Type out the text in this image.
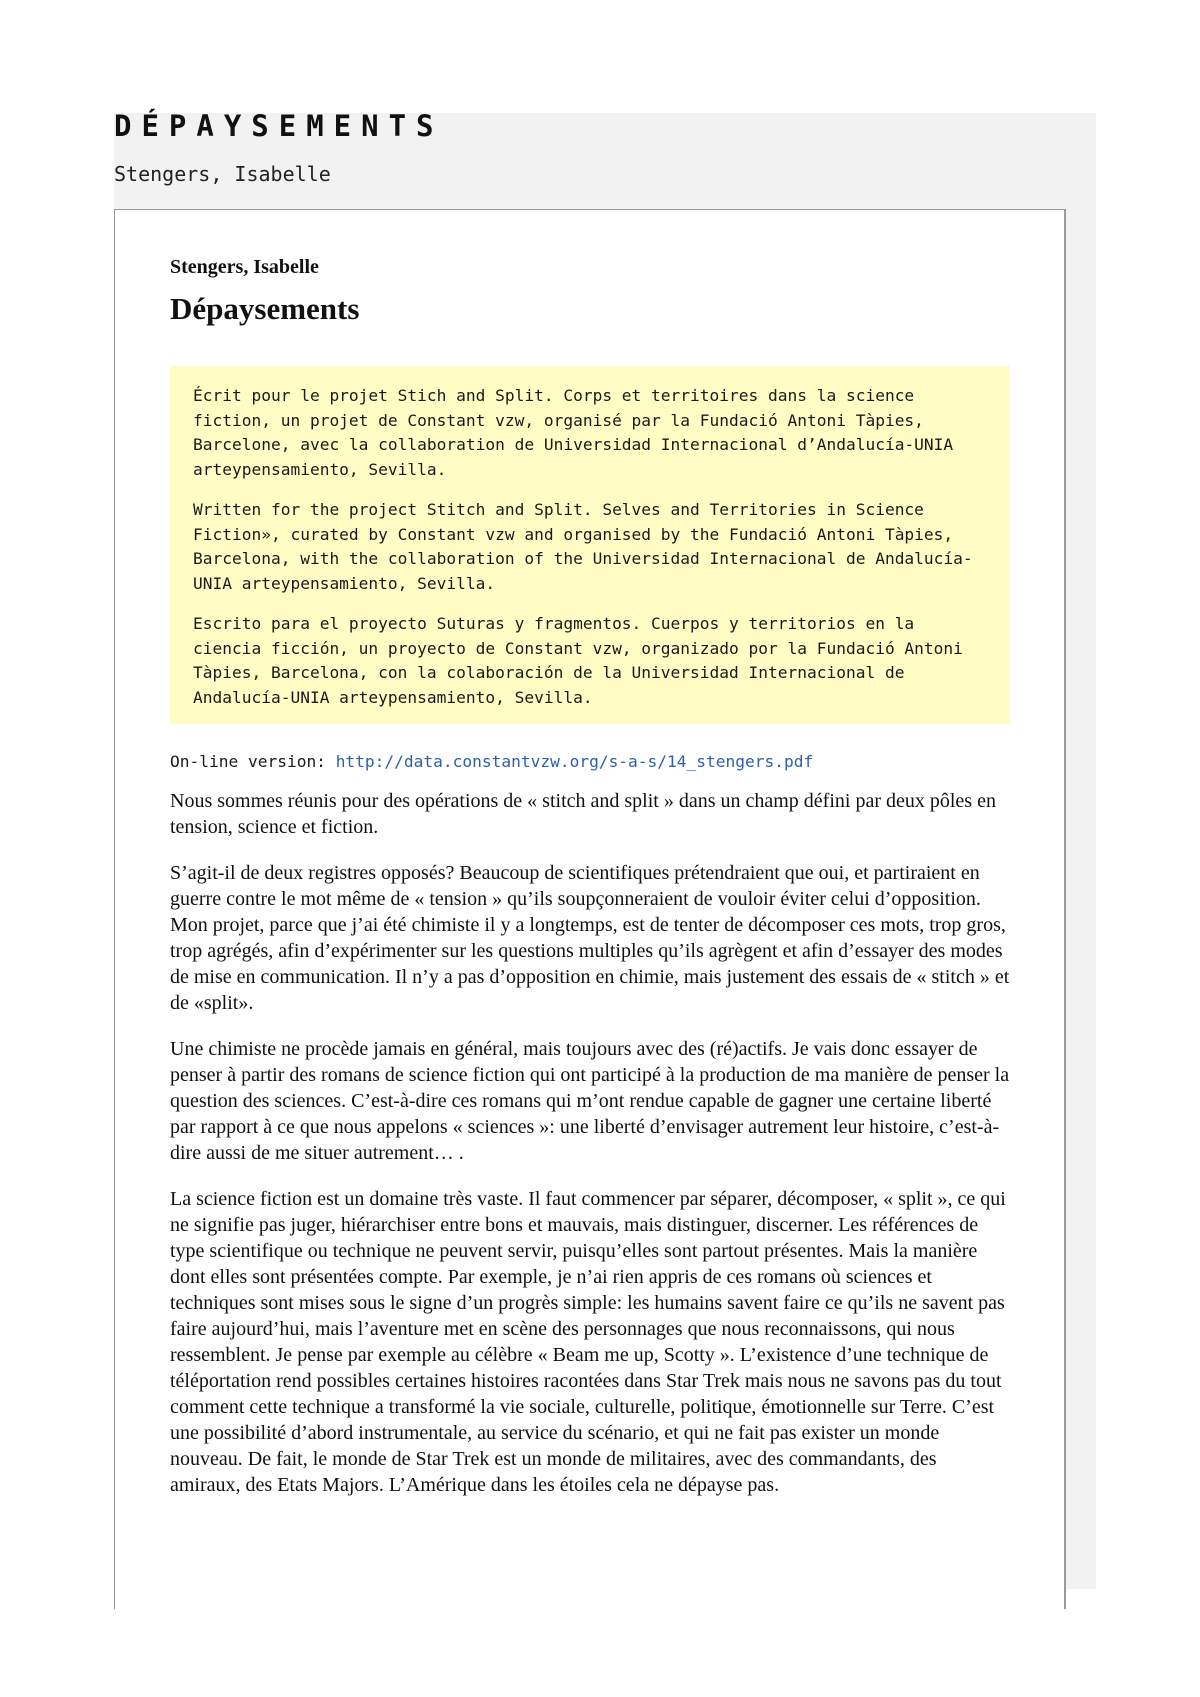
DÉPAYSEMENTS
Stengers, Isabelle
Stengers, Isabelle
Dépaysements

Écrit pour le projet Stich and Split. Corps et territoires dans la science fiction, un projet de Constant vzw, organisé par la Fundació Antoni Tàpies, Barcelone, avec la collaboration de Universidad Internacional d’Andalucía-UNIA arteypensamiento, Sevilla.

Written for the project Stitch and Split. Selves and Territories in Science Fiction», curated by Constant vzw and organised by the Fundació Antoni Tàpies, Barcelona, with the collaboration of the Universidad Internacional de Andalucía-UNIA arteypensamiento, Sevilla.

Escrito para el proyecto Suturas y fragmentos. Cuerpos y territorios en la ciencia ficción, un proyecto de Constant vzw, organizado por la Fundació Antoni Tàpies, Barcelona, con la colaboración de la Universidad Internacional de Andalucía-UNIA arteypensamiento, Sevilla.

On-line version: http://data.constantvzw.org/s-a-s/14_stengers.pdf

Nous sommes réunis pour des opérations de « stitch and split » dans un champ défini par deux pôles en tension, science et fiction.

S’agit-il de deux registres opposés? Beaucoup de scientifiques prétendraient que oui, et partiraient en guerre contre le mot même de « tension » qu’ils soupçonneraient de vouloir éviter celui d’opposition. Mon projet, parce que j’ai été chimiste il y a longtemps, est de tenter de décomposer ces mots, trop gros, trop agrégés, afin d’expérimenter sur les questions multiples qu’ils agrègent et afin d’essayer des modes de mise en communication. Il n’y a pas d’opposition en chimie, mais justement des essais de « stitch » et de «split».

Une chimiste ne procède jamais en général, mais toujours avec des (ré)actifs. Je vais donc essayer de penser à partir des romans de science fiction qui ont participé à la production de ma manière de penser la question des sciences. C’est-à-dire ces romans qui m’ont rendue capable de gagner une certaine liberté par rapport à ce que nous appelons « sciences »: une liberté d’envisager autrement leur histoire, c’est-à-dire aussi de me situer autrement… .

La science fiction est un domaine très vaste. Il faut commencer par séparer, décomposer, « split », ce qui ne signifie pas juger, hiérarchiser entre bons et mauvais, mais distinguer, discerner. Les références de type scientifique ou technique ne peuvent servir, puisqu’elles sont partout présentes. Mais la manière dont elles sont présentées compte. Par exemple, je n’ai rien appris de ces romans où sciences et techniques sont mises sous le signe d’un progrès simple: les humains savent faire ce qu’ils ne savent pas faire aujourd’hui, mais l’aventure met en scène des personnages que nous reconnaissons, qui nous ressemblent. Je pense par exemple au célèbre « Beam me up, Scotty ». L’existence d’une technique de téléportation rend possibles certaines histoires racontées dans Star Trek mais nous ne savons pas du tout comment cette technique a transformé la vie sociale, culturelle, politique, émotionnelle sur Terre. C’est une possibilité d’abord instrumentale, au service du scénario, et qui ne fait pas exister un monde nouveau. De fait, le monde de Star Trek est un monde de militaires, avec des commandants, des amiraux, des Etats Majors. L’Amérique dans les étoiles cela ne dépayse pas.
